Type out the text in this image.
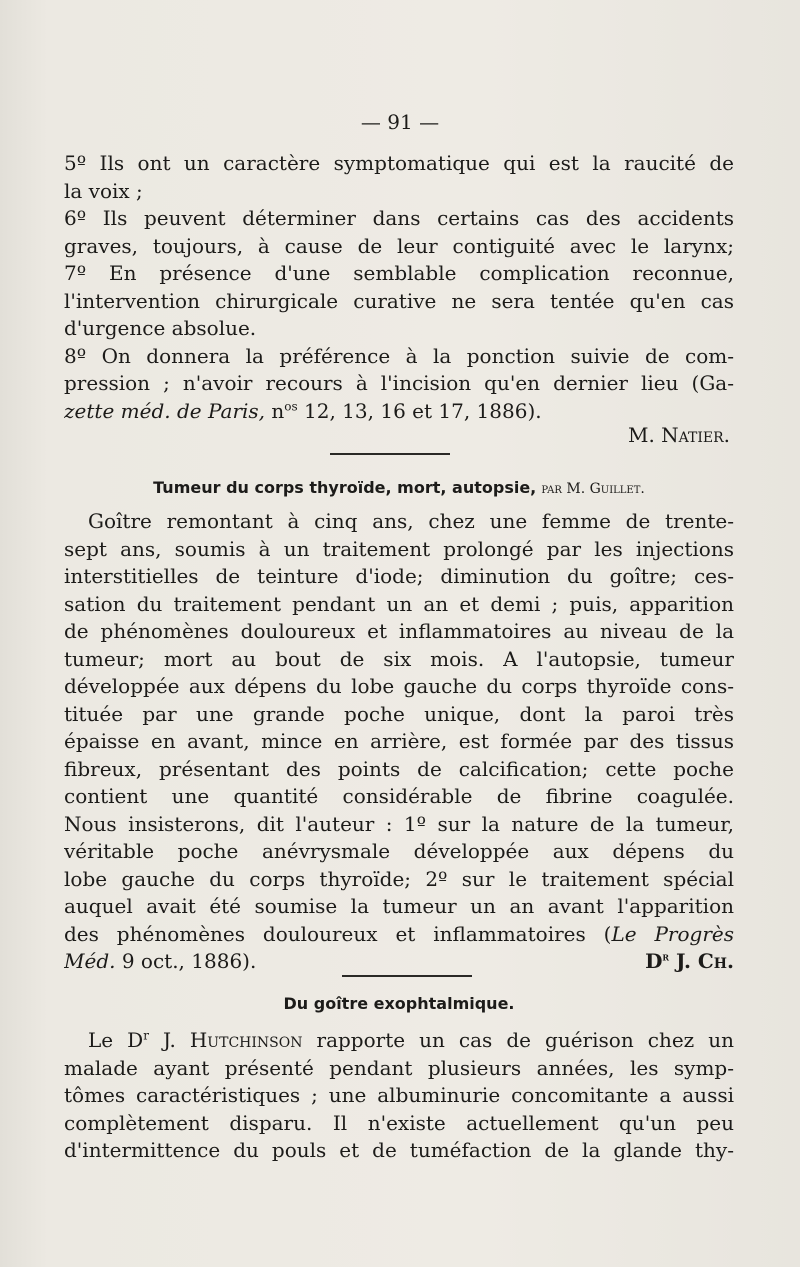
— 91 —
5º Ils ont un caractère symptomatique qui est la raucité de
la voix ;
6º Ils peuvent déterminer dans certains cas des accidents
graves, toujours, à cause de leur contiguité avec le larynx;
7º En présence d'une semblable complication reconnue,
l'intervention chirurgicale curative ne sera tentée qu'en cas
d'urgence absolue.
8º On donnera la préférence à la ponction suivie de com-
pression ; n'avoir recours à l'incision qu'en dernier lieu (Ga-
zette méd. de Paris, $n^{os}$ 12, 13, 16 et 17, 1886).
M. Natier.
Tumeur du corps thyroïde, mort, autopsie, par M. Guillet.
Goître remontant à cinq ans, chez une femme de trente-
sept ans, soumis à un traitement prolongé par les injections
interstitielles de teinture d'iode; diminution du goître; ces-
sation du traitement pendant un an et demi ; puis, apparition
de phénomènes douloureux et inflammatoires au niveau de la
tumeur; mort au bout de six mois. A l'autopsie, tumeur
développée aux dépens du lobe gauche du corps thyroïde cons-
tituée par une grande poche unique, dont la paroi très
épaisse en avant, mince en arrière, est formée par des tissus
fibreux, présentant des points de calcification; cette poche
contient une quantité considérable de fibrine coagulée.
Nous insisterons, dit l'auteur : 1º sur la nature de la tumeur,
véritable poche anévrysmale développée aux dépens du
lobe gauche du corps thyroïde; 2º sur le traitement spécial
auquel avait été soumise la tumeur un an avant l'apparition
des phénomènes douloureux et inflammatoires (Le Progrès
Méd. 9 oct., 1886).	$D^r$ J. Ch.
Du goître exophtalmique.
Le $D^r$ J. Hutchinson rapporte un cas de guérison chez un
malade ayant présenté pendant plusieurs années, les symp-
tômes caractéristiques ; une albuminurie concomitante a aussi
complètement disparu. Il n'existe actuellement qu'un peu
d'intermittence du pouls et de tuméfaction de la glande thy-
